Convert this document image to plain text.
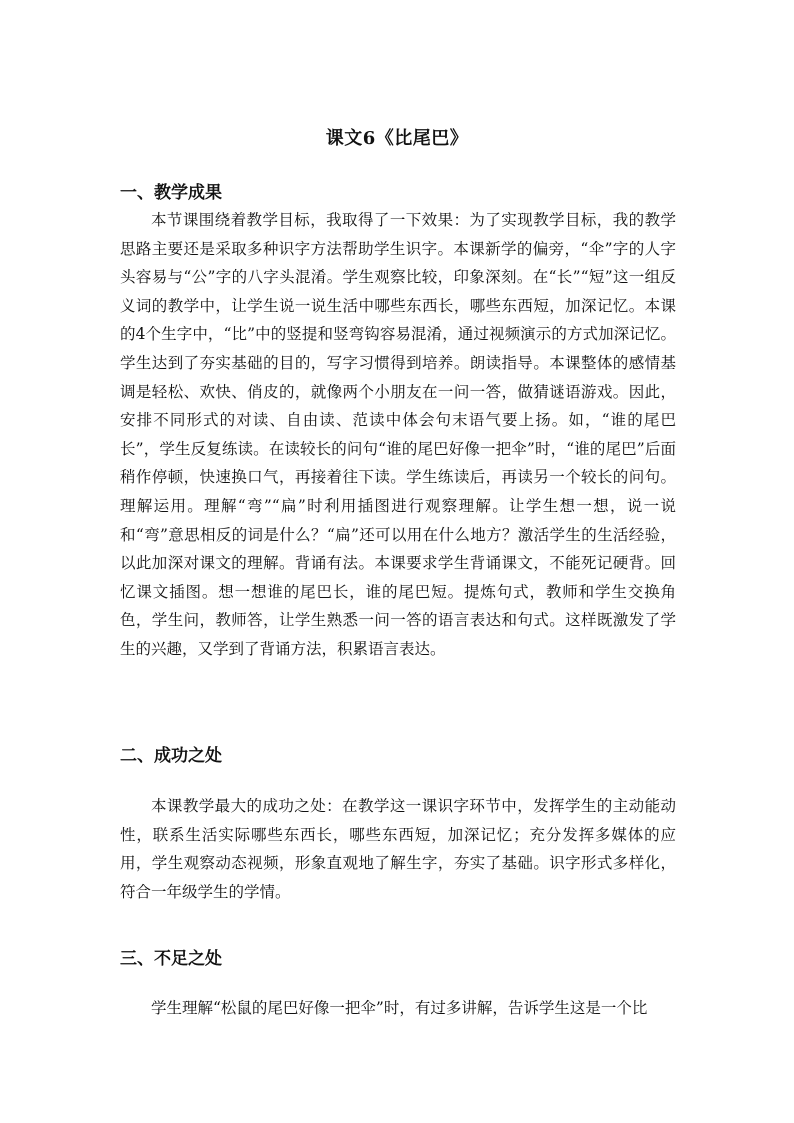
课文6《比尾巴》
一、教学成果
本节课围绕着教学目标，我取得了一下效果：为了实现教学目标，我的教学思路主要还是采取多种识字方法帮助学生识字。本课新学的偏旁，“伞”字的人字头容易与“公”字的八字头混淆。学生观察比较，印象深刻。在“长”“短”这一组反义词的教学中，让学生说一说生活中哪些东西长，哪些东西短，加深记忆。本课的4个生字中，“比”中的竖提和竖弯钩容易混淆，通过视频演示的方式加深记忆。学生达到了夯实基础的目的，写字习惯得到培养。朗读指导。本课整体的感情基调是轻松、欢快、俏皮的，就像两个小朋友在一问一答，做猜谜语游戏。因此，安排不同形式的对读、自由读、范读中体会句末语气要上扬。如，“谁的尾巴长”，学生反复练读。在读较长的问句“谁的尾巴好像一把伞”时，“谁的尾巴”后面稍作停顿，快速换口气，再接着往下读。学生练读后，再读另一个较长的问句。理解运用。理解“弯”“扁”时利用插图进行观察理解。让学生想一想，说一说 和“弯”意思相反的词是什么？“扁”还可以用在什么地方？激活学生的生活经验，以此加深对课文的理解。背诵有法。本课要求学生背诵课文，不能死记硬背。回忆课文插图。想一想谁的尾巴长，谁的尾巴短。提炼句式，教师和学生交换角色，学生问，教师答，让学生熟悉一问一答的语言表达和句式。这样既激发了学生的兴趣，又学到了背诵方法，积累语言表达。
二、成功之处
本课教学最大的成功之处：在教学这一课识字环节中，发挥学生的主动能动性，联系生活实际哪些东西长，哪些东西短，加深记忆；充分发挥多媒体的应用，学生观察动态视频，形象直观地了解生字，夯实了基础。识字形式多样化，符合一年级学生的学情。
三、不足之处
学生理解“松鼠的尾巴好像一把伞”时，有过多讲解，告诉学生这是一个比
